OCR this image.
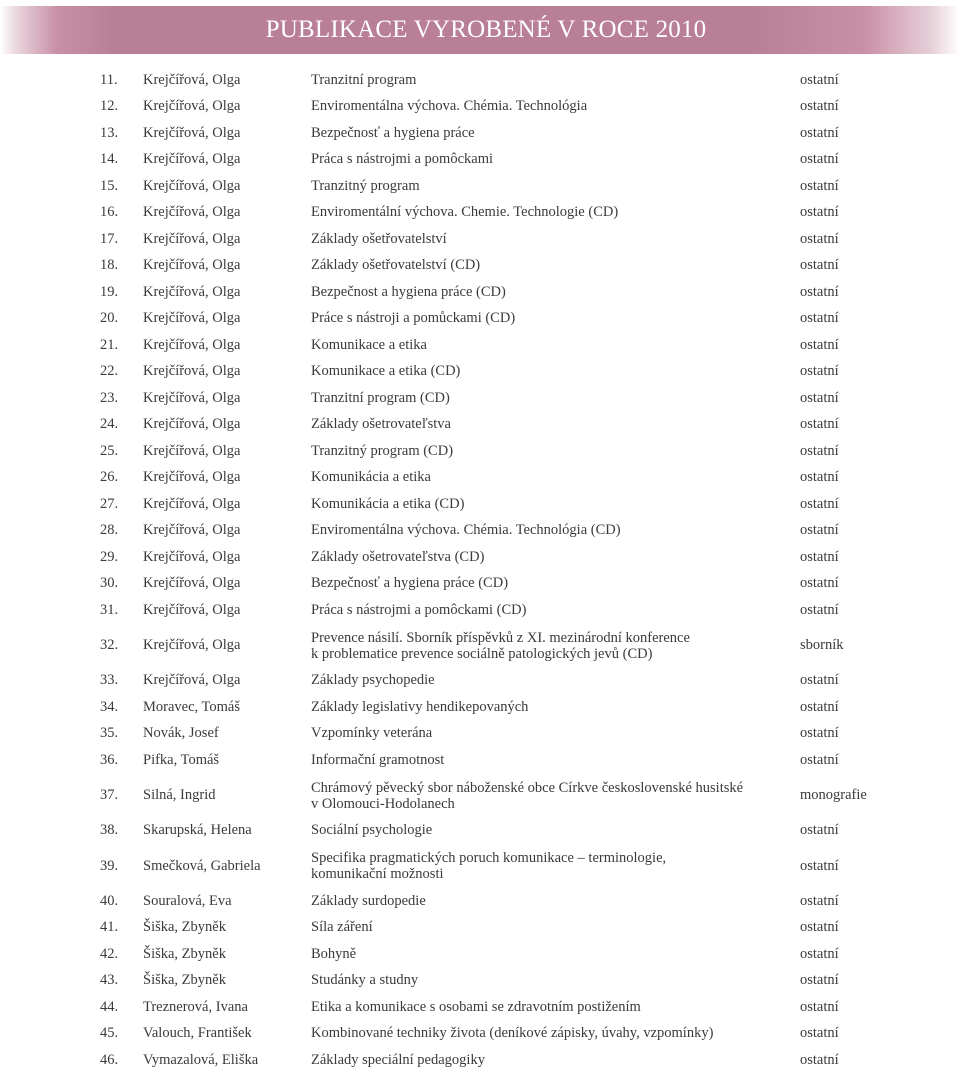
PUBLIKACE VYROBENÉ V ROCE 2010
11.	Krejčířová, Olga	Tranzitní program	ostatní
12.	Krejčířová, Olga	Enviromentálna výchova. Chémia. Technológia	ostatní
13.	Krejčířová, Olga	Bezpečnosť a hygiena práce	ostatní
14.	Krejčířová, Olga	Práca s nástrojmi a pomôckami	ostatní
15.	Krejčířová, Olga	Tranzitný program	ostatní
16.	Krejčířová, Olga	Enviromentální výchova. Chemie. Technologie (CD)	ostatní
17.	Krejčířová, Olga	Základy ošetřovatelství	ostatní
18.	Krejčířová, Olga	Základy ošetřovatelství (CD)	ostatní
19.	Krejčířová, Olga	Bezpečnost a hygiena práce (CD)	ostatní
20.	Krejčířová, Olga	Práce s nástroji a pomůckami (CD)	ostatní
21.	Krejčířová, Olga	Komunikace a etika	ostatní
22.	Krejčířová, Olga	Komunikace a etika (CD)	ostatní
23.	Krejčířová, Olga	Tranzitní program (CD)	ostatní
24.	Krejčířová, Olga	Základy ošetrovateľstva	ostatní
25.	Krejčířová, Olga	Tranzitný program (CD)	ostatní
26.	Krejčířová, Olga	Komunikácia a etika	ostatní
27.	Krejčířová, Olga	Komunikácia a etika (CD)	ostatní
28.	Krejčířová, Olga	Enviromentálna výchova. Chémia. Technológia (CD)	ostatní
29.	Krejčířová, Olga	Základy ošetrovateľstva (CD)	ostatní
30.	Krejčířová, Olga	Bezpečnosť a hygiena práce (CD)	ostatní
31.	Krejčířová, Olga	Práca s nástrojmi a pomôckami (CD)	ostatní
32.	Krejčířová, Olga	Prevence násilí. Sborník příspěvků z XI. mezinárodní konference
k problematice prevence sociálně patologických jevů (CD)	sborník
33.	Krejčířová, Olga	Základy psychopedie	ostatní
34.	Moravec, Tomáš	Základy legislativy hendikepovaných	ostatní
35.	Novák, Josef	Vzpomínky veterána	ostatní
36.	Pifka, Tomáš	Informační gramotnost	ostatní
37.	Silná, Ingrid	Chrámový pěvecký sbor náboženské obce Církve československé husitské
v Olomouci-Hodolanech	monografie
38.	Skarupská, Helena	Sociální psychologie	ostatní
39.	Smečková, Gabriela	Specifika pragmatických poruch komunikace – terminologie,
komunikační možnosti	ostatní
40.	Souralová, Eva	Základy surdopedie	ostatní
41.	Šiška, Zbyněk	Síla záření	ostatní
42.	Šiška, Zbyněk	Bohyně	ostatní
43.	Šiška, Zbyněk	Studánky a studny	ostatní
44.	Treznerová, Ivana	Etika a komunikace s osobami se zdravotním postižením	ostatní
45.	Valouch, František	Kombinované techniky života (deníkové zápisky, úvahy, vzpomínky)	ostatní
46.	Vymazalová, Eliška	Základy speciální pedagogiky	ostatní
